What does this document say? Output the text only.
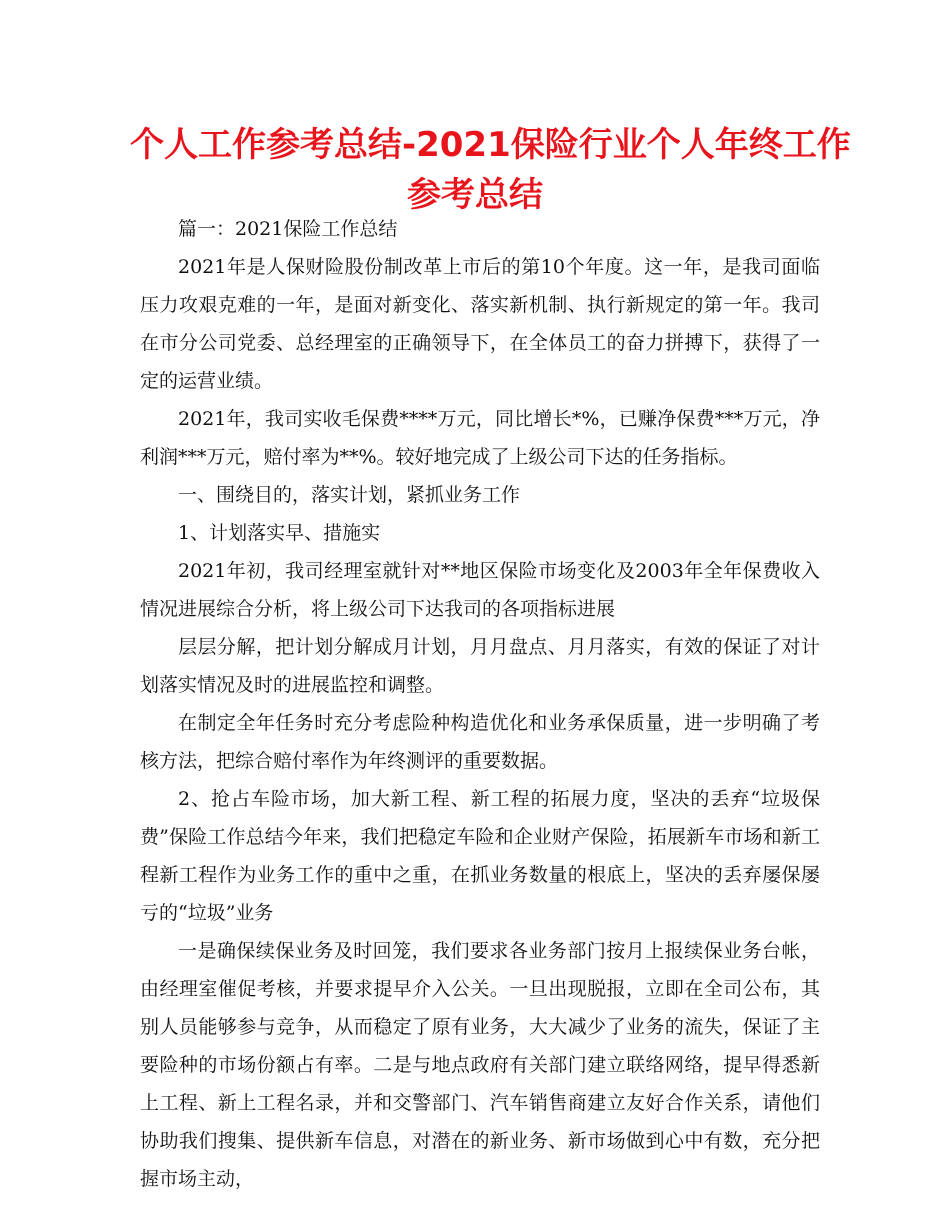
个人工作参考总结-2021保险行业个人年终工作
参考总结

篇一：2021保险工作总结

2021年是人保财险股份制改革上市后的第10个年度。这一年，是我司面临压力攻艰克难的一年，是面对新变化、落实新机制、执行新规定的第一年。我司在市分公司党委、总经理室的正确领导下，在全体员工的奋力拼搏下，获得了一定的运营业绩。

2021年，我司实收毛保费****万元，同比增长*%，已赚净保费***万元，净利润***万元，赔付率为**%。较好地完成了上级公司下达的任务指标。

一、围绕目的，落实计划，紧抓业务工作

1、计划落实早、措施实

2021年初，我司经理室就针对**地区保险市场变化及2003年全年保费收入情况进展综合分析，将上级公司下达我司的各项指标进展

层层分解，把计划分解成月计划，月月盘点、月月落实，有效的保证了对计划落实情况及时的进展监控和调整。

在制定全年任务时充分考虑险种构造优化和业务承保质量，进一步明确了考核方法，把综合赔付率作为年终测评的重要数据。

2、抢占车险市场，加大新工程、新工程的拓展力度，坚决的丢弃“垃圾保费”保险工作总结今年来，我们把稳定车险和企业财产保险，拓展新车市场和新工程新工程作为业务工作的重中之重，在抓业务数量的根底上，坚决的丢弃屡保屡亏的“垃圾”业务

一是确保续保业务及时回笼，我们要求各业务部门按月上报续保业务台帐，由经理室催促考核，并要求提早介入公关。一旦出现脱报，立即在全司公布，其别人员能够参与竞争，从而稳定了原有业务，大大减少了业务的流失，保证了主要险种的市场份额占有率。二是与地点政府有关部门建立联络网络，提早得悉新上工程、新上工程名录，并和交警部门、汽车销售商建立友好合作关系，请他们协助我们搜集、提供新车信息，对潜在的新业务、新市场做到心中有数，充分把握市场主动，
